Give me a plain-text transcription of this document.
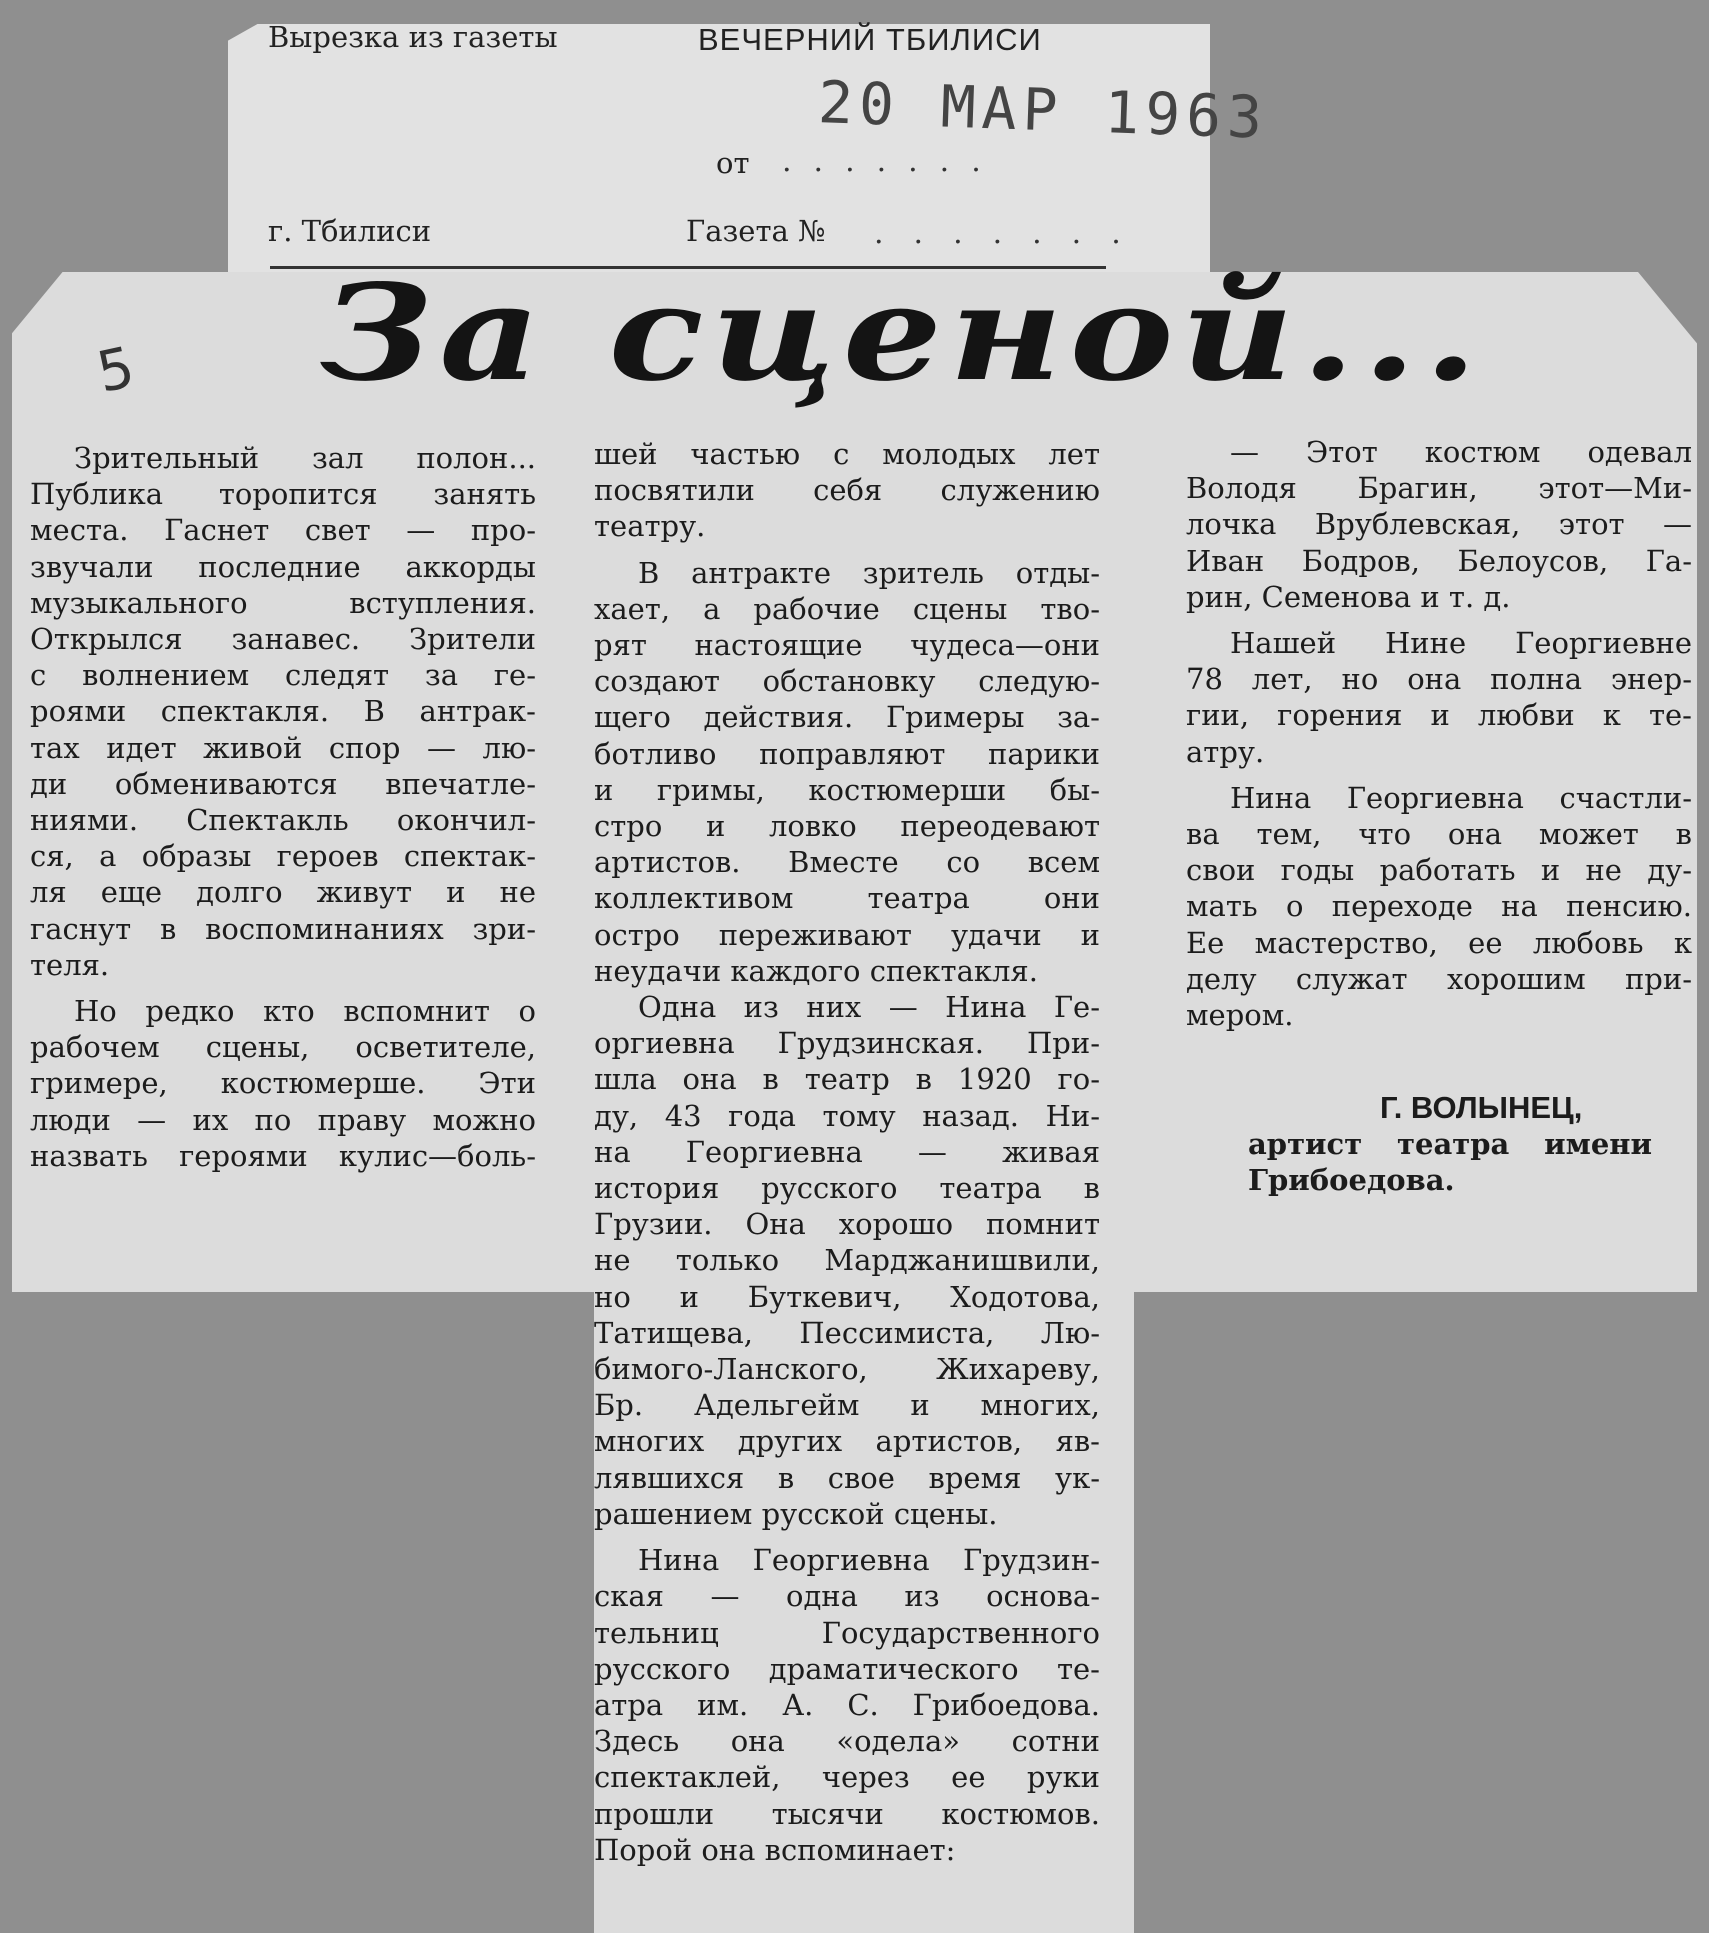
Вырезка из газеты	ВЕЧЕРНИЙ ТБИЛИСИ
20 МАР 1963
от .......
г. Тбилиси	Газета № .......
5 За сценой...

Зрительный зал полон...

Публика торопится занять

места. Гаснет свет — про-

звучали последние аккорды

музыкального вступления.

Открылся занавес. Зрители

с волнением следят за ге-

роями спектакля. В антрак-

тах идет живой спор — лю-

ди обмениваются впечатле-

ниями. Спектакль окончил-

ся, а образы героев спектак-

ля еще долго живут и не

гаснут в воспоминаниях зри-

теля.

Но редко кто вспомнит о

рабочем сцены, осветителе,

гримере, костюмерше. Эти

люди — их по праву можно

назвать героями кулис—боль-

шей частью с молодых лет

посвятили себя служению

театру.

В антракте зритель отды-

хает, а рабочие сцены тво-

рят настоящие чудеса—они

создают обстановку следую-

щего действия. Гримеры за-

ботливо поправляют парики

и гримы, костюмерши бы-

стро и ловко переодевают

артистов. Вместе со всем

коллективом театра они

остро переживают удачи и

неудачи каждого спектакля.

Одна из них — Нина Ге-

оргиевна Грудзинская. При-

шла она в театр в 1920 го-

ду, 43 года тому назад. Ни-

на Георгиевна — живая

история русского театра в

Грузии. Она хорошо помнит

не только Марджанишвили,

но и Буткевич, Ходотова,

Татищева, Пессимиста, Лю-

бимого-Ланского, Жихареву,

Бр. Адельгейм и многих,

многих других артистов, яв-

лявшихся в свое время ук-

рашением русской сцены.

Нина Георгиевна Грудзин-

ская — одна из основа-

тельниц Государственного

русского драматического те-

атра им. А. С. Грибоедова.

Здесь она «одела» сотни

спектаклей, через ее руки

прошли тысячи костюмов.

Порой она вспоминает:

— Этот костюм одевал

Володя Брагин, этот—Ми-

лочка Врублевская, этот —

Иван Бодров, Белоусов, Га-

рин, Семенова и т. д.

Нашей Нине Георгиевне

78 лет, но она полна энер-

гии, горения и любви к те-

атру.

Нина Георгиевна счастли-

ва тем, что она может в

свои годы работать и не ду-

мать о переходе на пенсию.

Ее мастерство, ее любовь к

делу служат хорошим при-

мером.

Г. ВОЛЫНЕЦ,

артист театра имени

Грибоедова.
